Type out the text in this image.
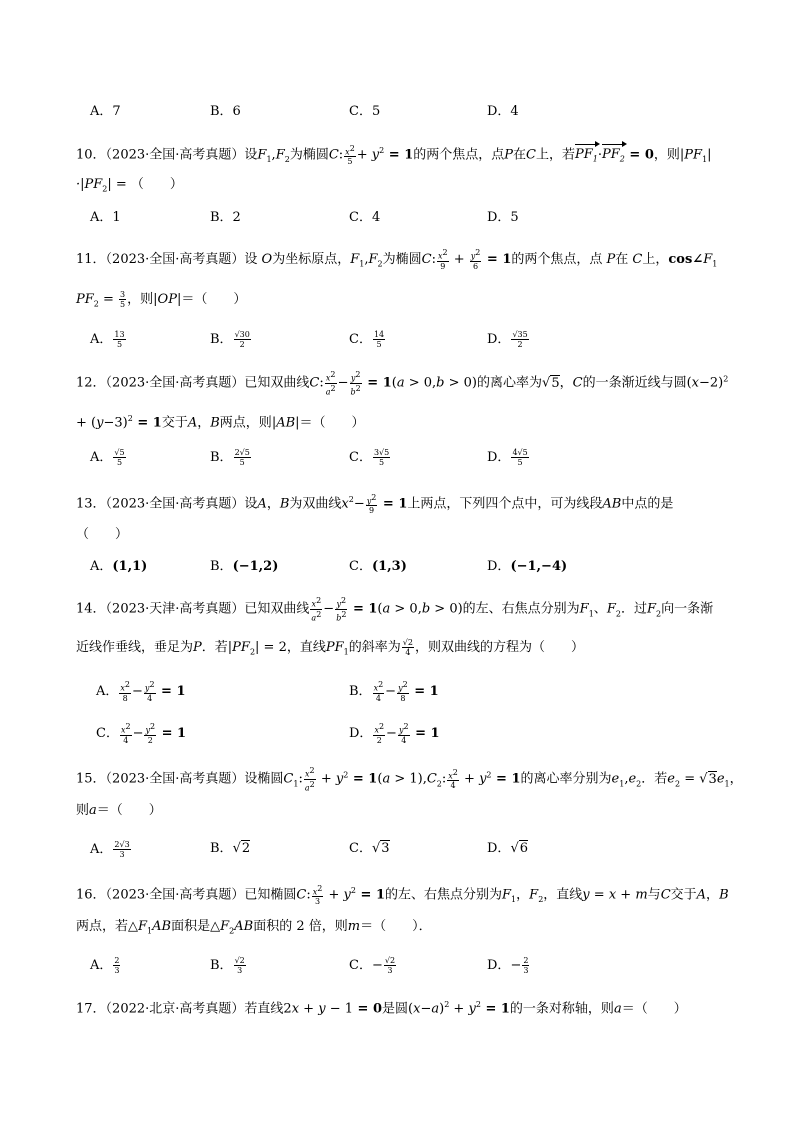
A．7	B．6	C．5	D．4
10．（2023·全国·高考真题）设$F_1,F_2$为椭圆C: $\frac{x^2}{5} + y^2 = 1$的两个焦点，点P在C上，若$PF_1\cdot PF_2 = 0$，则$|PF_1|$
$\cdot|PF_2|$ = （　　）
A．1	B．2	C．4	D．5
11．（2023·全国·高考真题）设 O为坐标原点，$F_1,F_2$为椭圆C: $\frac{x^2}{9} + \frac{y^2}{6} = 1$的两个焦点，点 P在 C上，$\cos\angle F_1$
$PF_2 = \frac{3}{5}$ ，则|OP|＝（　　）
A． $\frac{13}{5}$	B． $\frac{√30}{2}$	C． $\frac{14}{5}$	D． $\frac{√35}{2}$
12．（2023·全国·高考真题）已知双曲线C: $\frac{x^2}{a^2} - \frac{y^2}{b^2} = 1(a > 0,b > 0)$的离心率为√5，C的一条渐近线与圆$(x-2)^2$
+ $(y-3)^2 = 1$交于A，B两点，则|AB|＝（　　）
A． $\frac{√5}{5}$	B． $\frac{2√5}{5}$	C． $\frac{3√5}{5}$	D． $\frac{4√5}{5}$
13．（2023·全国·高考真题）设A，B为双曲线$x^2- \frac{y^2}{9} = 1$上两点，下列四个点中，可为线段AB中点的是
（　　）
A．(1,1)	B．(−1,2)	C．(1,3)	D．(−1,−4)
14．（2023·天津·高考真题）已知双曲线 $\frac{x^2}{a^2} - \frac{y^2}{b^2} = 1(a > 0,b > 0)$的左、右焦点分别为$F_1$、$F_2$．过$F_2$向一条渐
近线作垂线，垂足为P．若$|PF_2| = 2$，直线$PF_1$的斜率为 $\frac{√2}{4}$ ，则双曲线的方程为（　　）
A． $\frac{x^2}{8} - \frac{y^2}{4} = 1$	B． $\frac{x^2}{4} - \frac{y^2}{8} = 1$
C． $\frac{x^2}{4} - \frac{y^2}{2} = 1$	D． $\frac{x^2}{2} - \frac{y^2}{4} = 1$
15．（2023·全国·高考真题）设椭圆$C_1$: $\frac{x^2}{a^2} + y^2 = 1(a > 1),C_2$: $\frac{x^2}{4} + y^2 = 1$的离心率分别为$e_1,e_2$．若$e_2 = √3e_1$，
则a＝（　　）
A． $\frac{2√3}{3}$	B．√2	C．√3	D．√6
16．（2023·全国·高考真题）已知椭圆C: $\frac{x^2}{3} + y^2 = 1$的左、右焦点分别为$F_1$，$F_2$，直线y = x + m与C交于A，B
两点，若$\triangle F_1AB$面积是$\triangle F_2AB$面积的 2 倍，则m＝（　　）．
A． $\frac{2}{3}$	B． $\frac{√2}{3}$	C．− $\frac{√2}{3}$	D．− $\frac{2}{3}$
17．（2022·北京·高考真题）若直线2x + y − 1 = 0是圆$(x-a)^2 + y^2 = 1$的一条对称轴，则a＝（　　）
